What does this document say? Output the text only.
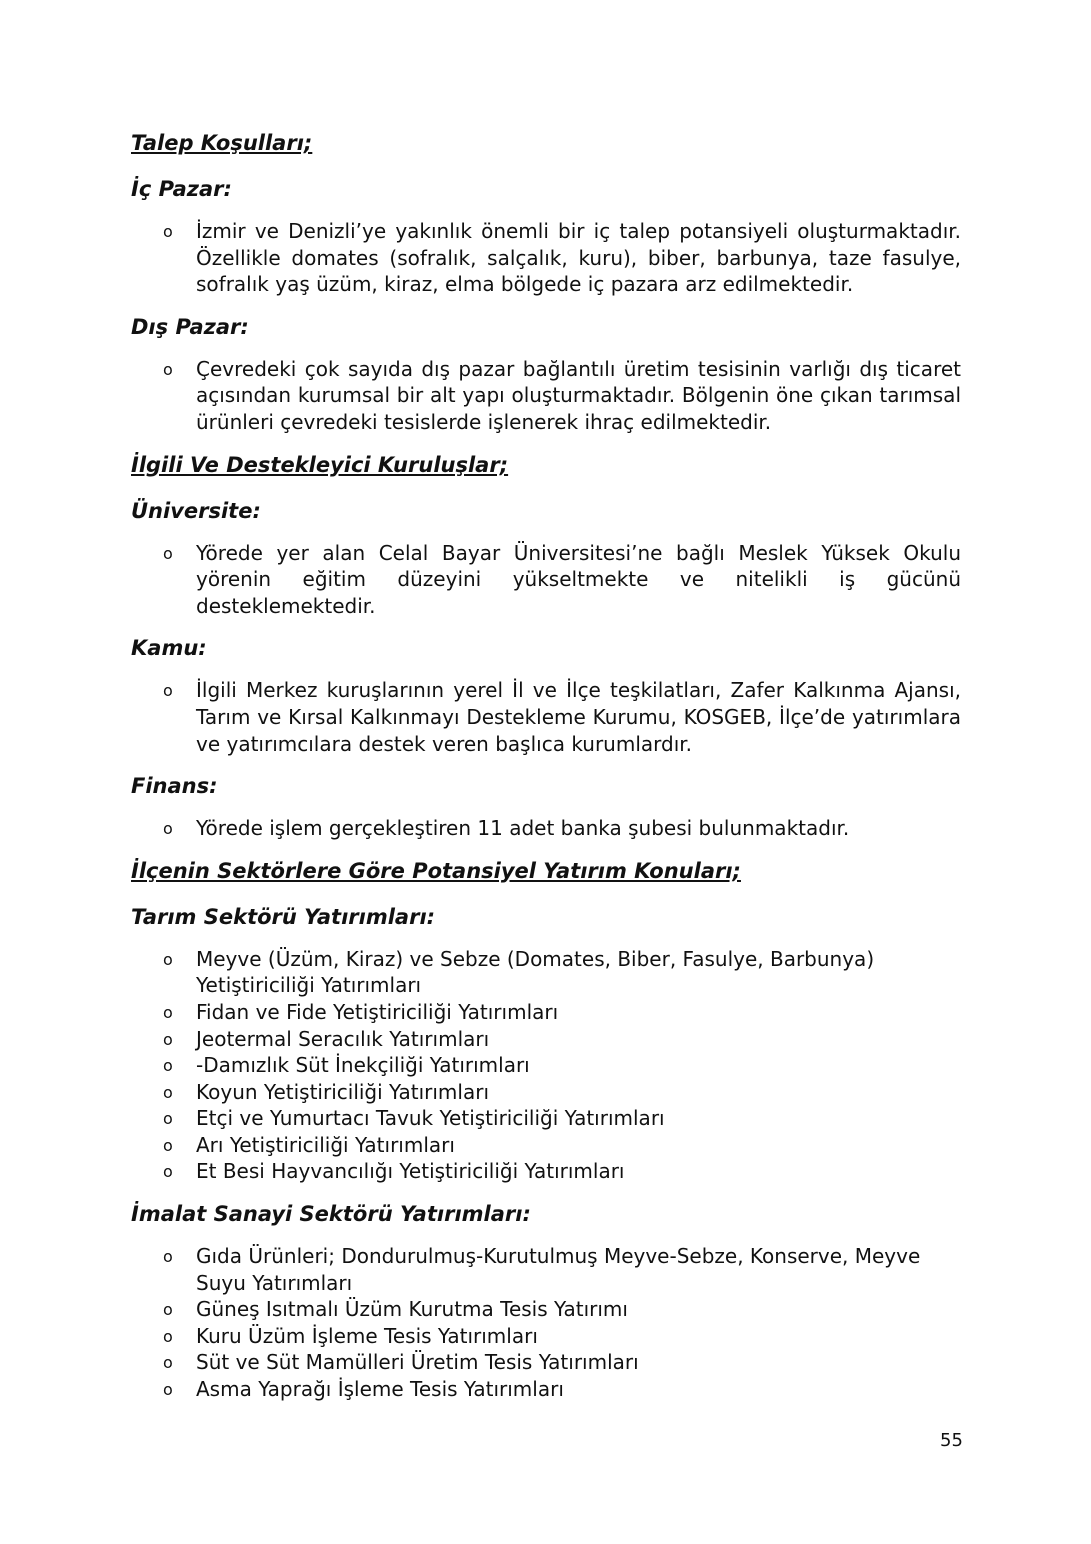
Talep Koşulları;
İç Pazar:
o İzmir ve Denizli’ye yakınlık önemli bir iç talep potansiyeli oluşturmaktadır. Özellikle domates (sofralık, salçalık, kuru), biber, barbunya, taze fasulye, sofralık yaş üzüm, kiraz, elma bölgede iç pazara arz edilmektedir.
Dış Pazar:
o Çevredeki çok sayıda dış pazar bağlantılı üretim tesisinin varlığı dış ticaret açısından kurumsal bir alt yapı oluşturmaktadır. Bölgenin öne çıkan tarımsal ürünleri çevredeki tesislerde işlenerek ihraç edilmektedir.
İlgili Ve Destekleyici Kuruluşlar;
Üniversite:
o Yörede yer alan Celal Bayar Üniversitesi’ne bağlı Meslek Yüksek Okulu yörenin eğitim düzeyini yükseltmekte ve nitelikli iş gücünü desteklemektedir.
Kamu:
o İlgili Merkez kuruşlarının yerel İl ve İlçe teşkilatları, Zafer Kalkınma Ajansı, Tarım ve Kırsal Kalkınmayı Destekleme Kurumu, KOSGEB, İlçe’de yatırımlara ve yatırımcılara destek veren başlıca kurumlardır.
Finans:
o Yörede işlem gerçekleştiren 11 adet banka şubesi bulunmaktadır.
İlçenin Sektörlere Göre Potansiyel Yatırım Konuları;
Tarım Sektörü Yatırımları:
o Meyve (Üzüm, Kiraz) ve Sebze (Domates, Biber, Fasulye, Barbunya) Yetiştiriciliği Yatırımları
o Fidan ve Fide Yetiştiriciliği Yatırımları
o Jeotermal Seracılık Yatırımları
o -Damızlık Süt İnekçiliği Yatırımları
o Koyun Yetiştiriciliği Yatırımları
o Etçi ve Yumurtacı Tavuk Yetiştiriciliği Yatırımları
o Arı Yetiştiriciliği Yatırımları
o Et Besi Hayvancılığı Yetiştiriciliği Yatırımları
İmalat Sanayi Sektörü Yatırımları:
o Gıda Ürünleri; Dondurulmuş-Kurutulmuş Meyve-Sebze, Konserve, Meyve Suyu Yatırımları
o Güneş Isıtmalı Üzüm Kurutma Tesis Yatırımı
o Kuru Üzüm İşleme Tesis Yatırımları
o Süt ve Süt Mamülleri Üretim Tesis Yatırımları
o Asma Yaprağı İşleme Tesis Yatırımları
55
